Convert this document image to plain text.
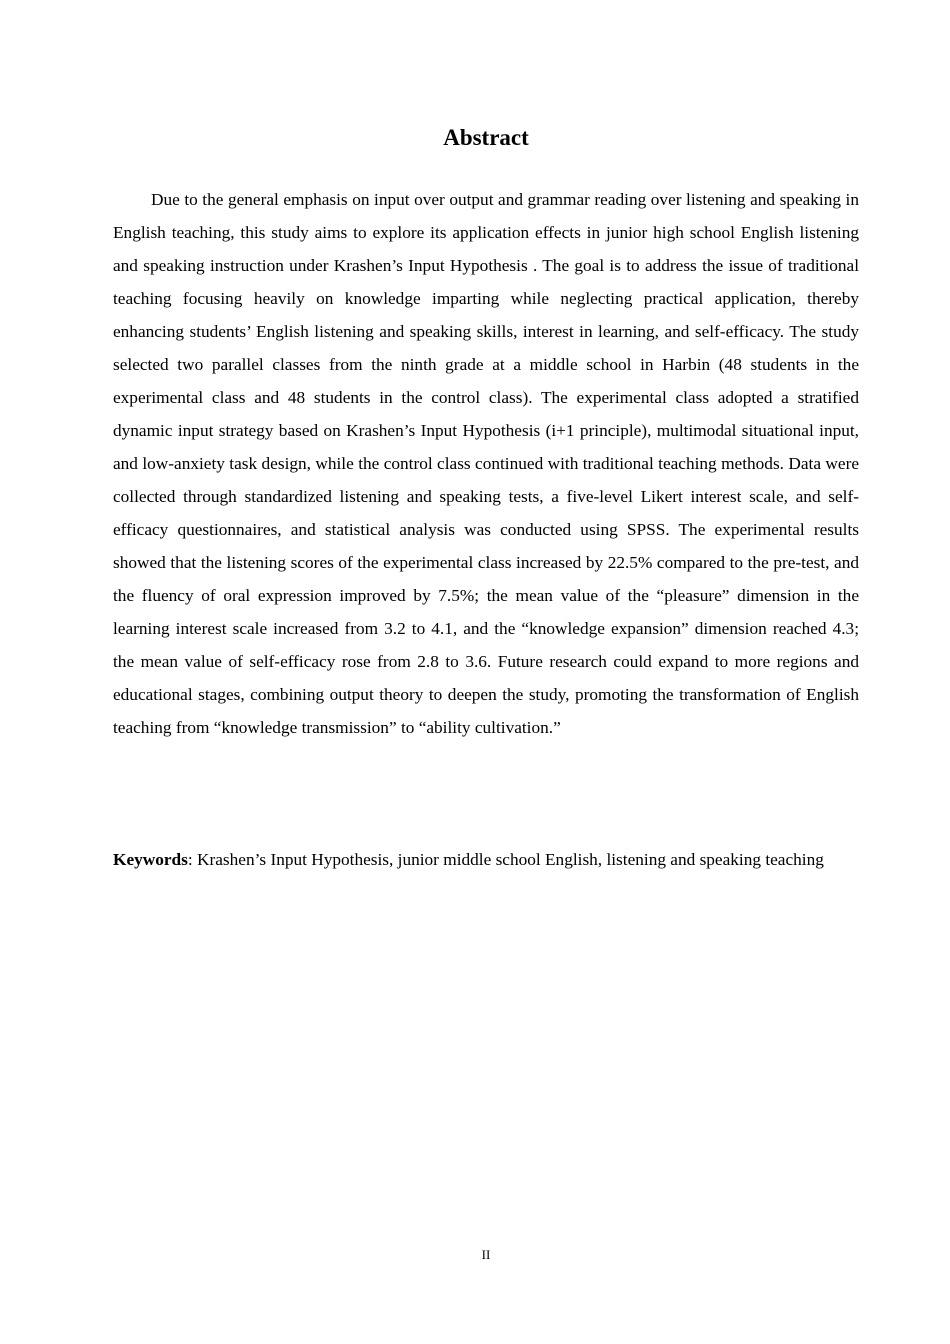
Abstract

Due to the general emphasis on input over output and grammar reading over listening and speaking in English teaching, this study aims to explore its application effects in junior high school English listening and speaking instruction under Krashen’s Input Hypothesis . The goal is to address the issue of traditional teaching focusing heavily on knowledge imparting while neglecting practical application, thereby enhancing students’ English listening and speaking skills, interest in learning, and self-efficacy. The study selected two parallel classes from the ninth grade at a middle school in Harbin (48 students in the experimental class and 48 students in the control class). The experimental class adopted a stratified dynamic input strategy based on Krashen’s Input Hypothesis (i+1 principle), multimodal situational input, and low-anxiety task design, while the control class continued with traditional teaching methods. Data were collected through standardized listening and speaking tests, a five-level Likert interest scale, and self-efficacy questionnaires, and statistical analysis was conducted using SPSS. The experimental results showed that the listening scores of the experimental class increased by 22.5% compared to the pre-test, and the fluency of oral expression improved by 7.5%; the mean value of the “pleasure” dimension in the learning interest scale increased from 3.2 to 4.1, and the “knowledge expansion” dimension reached 4.3; the mean value of self-efficacy rose from 2.8 to 3.6. Future research could expand to more regions and educational stages, combining output theory to deepen the study, promoting the transformation of English teaching from “knowledge transmission” to “ability cultivation.”

Keywords: Krashen’s Input Hypothesis, junior middle school English, listening and speaking teaching

II
